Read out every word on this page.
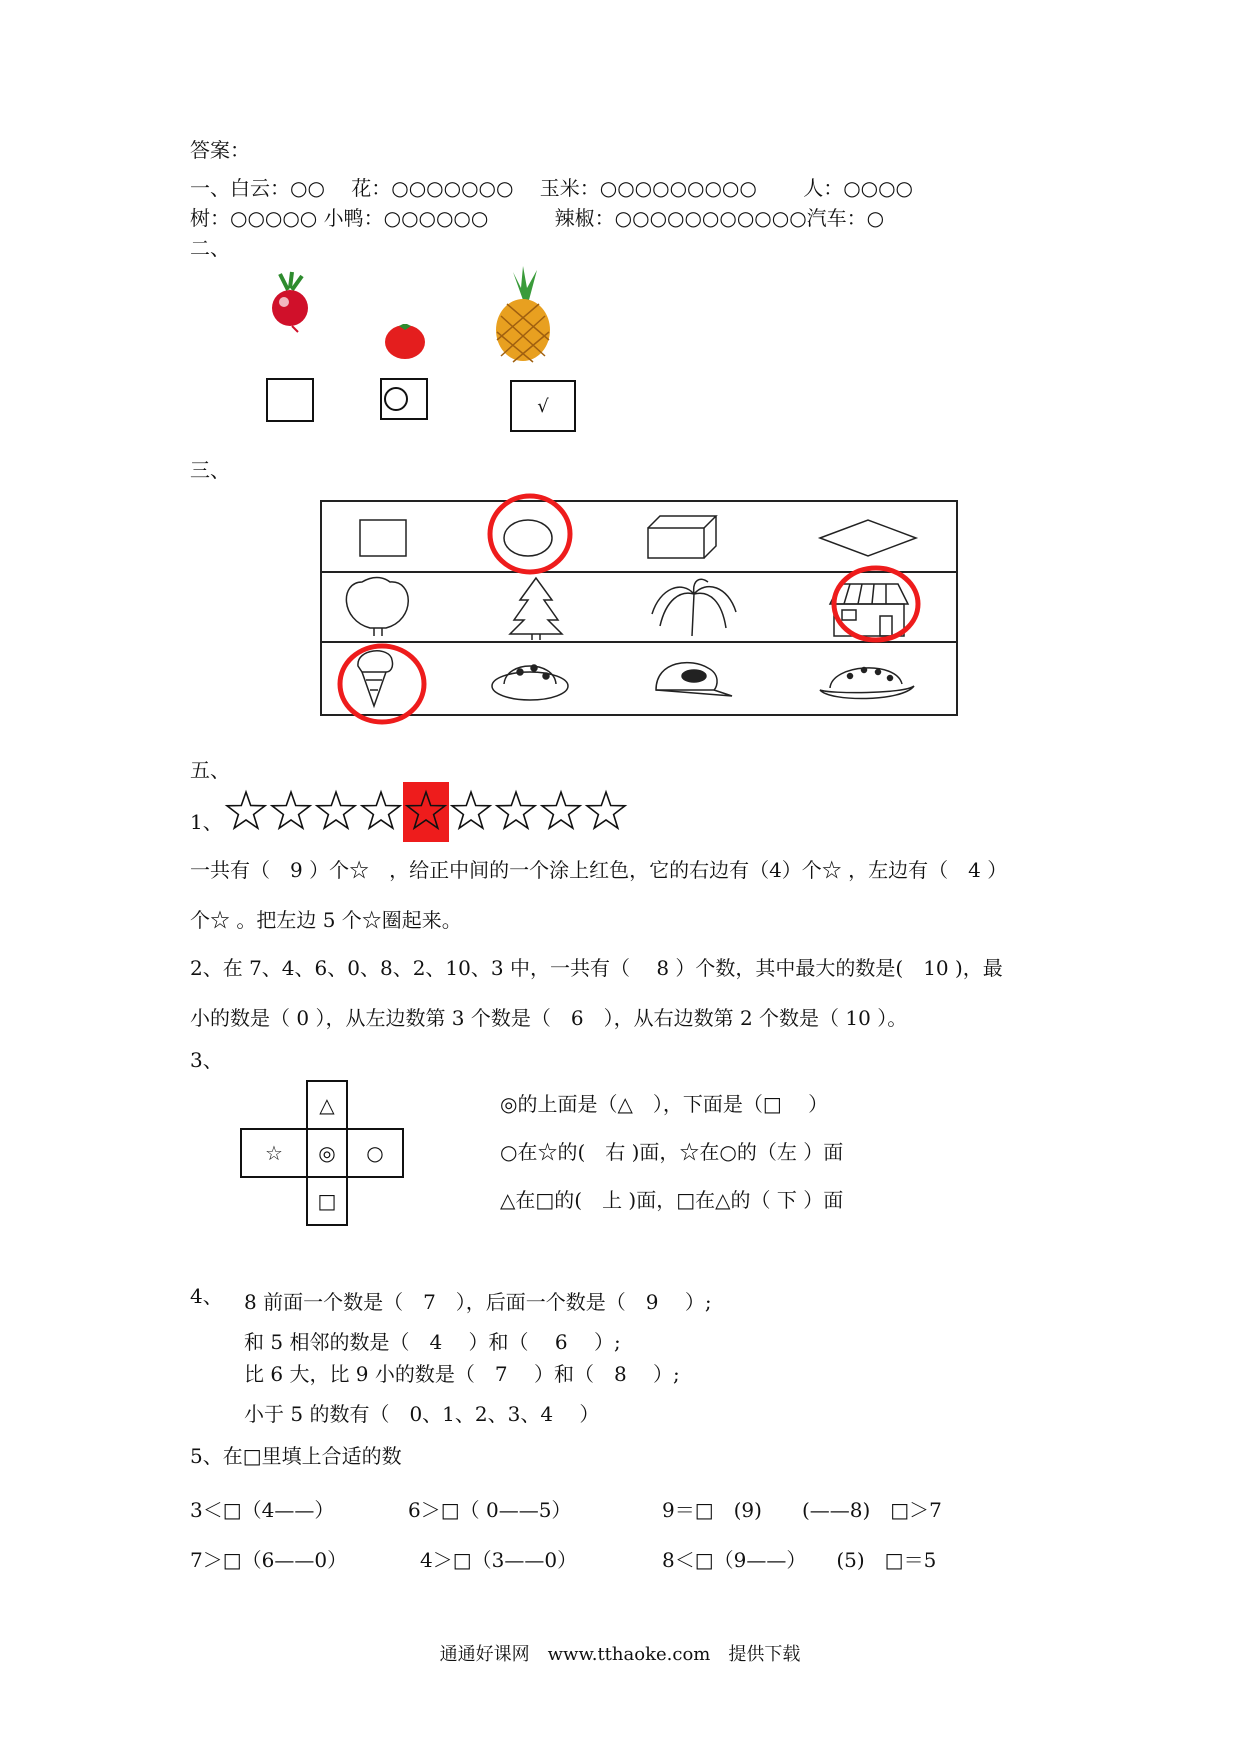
答案：
一、白云：○○　 花：○○○○○○○　 玉米：○○○○○○○○○　　 人：○○○○
树：○○○○○ 小鸭：○○○○○○　　　 辣椒：○○○○○○○○○○○汽车：○
二、
√
三、
五、
1、
一共有（　9 ）个☆　，给正中间的一个涂上红色，它的右边有（4）个☆ ，左边有（　4 ）
个☆ 。把左边 5 个☆圈起来。
2、在 7、4、6、0、8、2、10、3 中，一共有（　 8 ）个数，其中最大的数是(　10 )，最
小的数是（ 0 ），从左边数第 3 个数是（　6　），从右边数第 2 个数是（ 10 ）。
3、
△
☆	◎	○
□
◎的上面是（△　），下面是（□　 ）
○在☆的(　右 )面，☆在○的（左 ）面
△在□的(　上 )面，□在△的（ 下 ）面
4、 8 前面一个数是（　7　），后面一个数是（　9　 ）;
和 5 相邻的数是（　4　 ）和（　 6　 ）;
比 6 大，比 9 小的数是（　7　 ）和（　8　 ）;
小于 5 的数有（　0、1、2、3、4　 ）
5、在□里填上合适的数
3＜□（4——）	6＞□（ 0——5）	9＝□　(9)　　(——8)　□＞7
7＞□（6——0）	4＞□（3——0）	8＜□（9——）　　(5)　□＝5
通通好课网　www.tthaoke.com　提供下载
